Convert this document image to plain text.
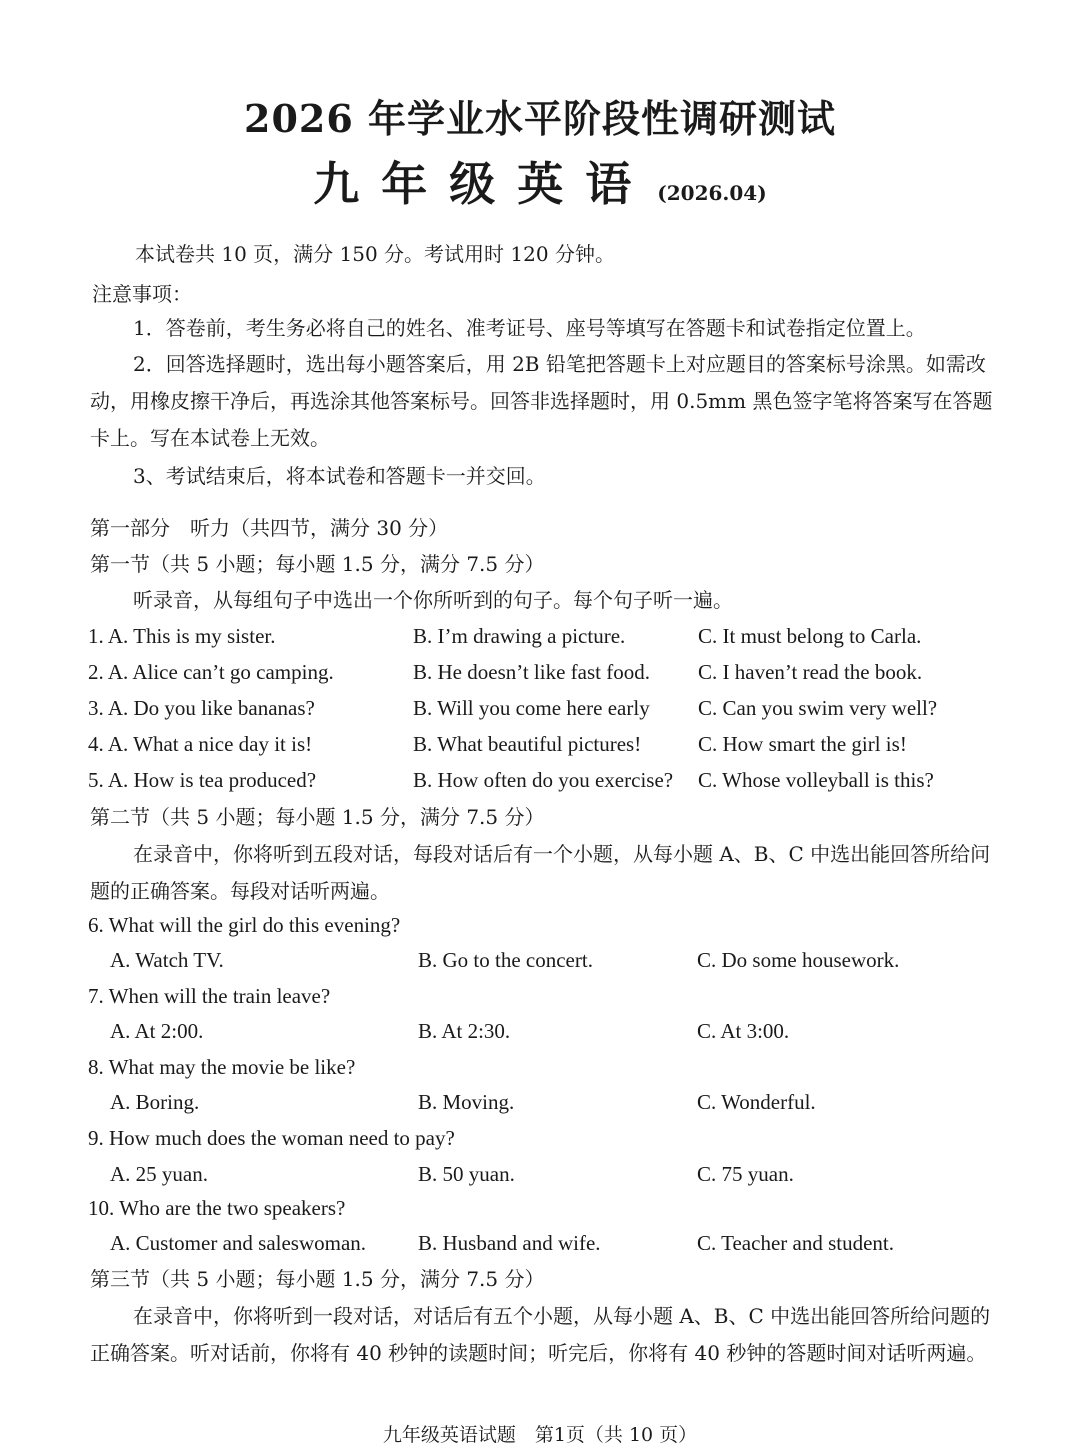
2026 年学业水平阶段性调研测试
九年级英语 (2026.04)
本试卷共 10 页，满分 150 分。考试用时 120 分钟。
注意事项：
1．答卷前，考生务必将自己的姓名、准考证号、座号等填写在答题卡和试卷指定位置上。
2．回答选择题时，选出每小题答案后，用 2B 铅笔把答题卡上对应题目的答案标号涂黑。如需改动，用橡皮擦干净后，再选涂其他答案标号。回答非选择题时，用 0.5mm 黑色签字笔将答案写在答题卡上。写在本试卷上无效。
3、考试结束后，将本试卷和答题卡一并交回。
第一部分　听力（共四节，满分 30 分）
第一节（共 5 小题；每小题 1.5 分，满分 7.5 分）
听录音，从每组句子中选出一个你所听到的句子。每个句子听一遍。
1. A. This is my sister.	B. I’m drawing a picture.	C. It must belong to Carla.
2. A. Alice can’t go camping.	B. He doesn’t like fast food. C. I haven’t read the book.
3. A. Do you like bananas?	B. Will you come here early C. Can you swim very well?
4. A. What a nice day it is!	B. What beautiful pictures!	C. How smart the girl is!
5. A. How is tea produced?	B. How often do you exercise? C. Whose volleyball is this?
第二节（共 5 小题；每小题 1.5 分，满分 7.5 分）
在录音中，你将听到五段对话，每段对话后有一个小题，从每小题 A、B、C 中选出能回答所给问题的正确答案。每段对话听两遍。
6. What will the girl do this evening?
A. Watch TV.	B. Go to the concert.	C. Do some housework.
7. When will the train leave?
A. At 2:00.	B. At 2:30.	C. At 3:00.
8. What may the movie be like?
A. Boring.	B. Moving.	C. Wonderful.
9. How much does the woman need to pay?
A. 25 yuan.	B. 50 yuan.	C. 75 yuan.
10. Who are the two speakers?
A. Customer and saleswoman. B. Husband and wife.	C. Teacher and student.
第三节（共 5 小题；每小题 1.5 分，满分 7.5 分）
在录音中，你将听到一段对话，对话后有五个小题，从每小题 A、B、C 中选出能回答所给问题的正确答案。听对话前，你将有 40 秒钟的读题时间；听完后，你将有 40 秒钟的答题时间对话听两遍。
九年级英语试题　第1页（共 10 页）
